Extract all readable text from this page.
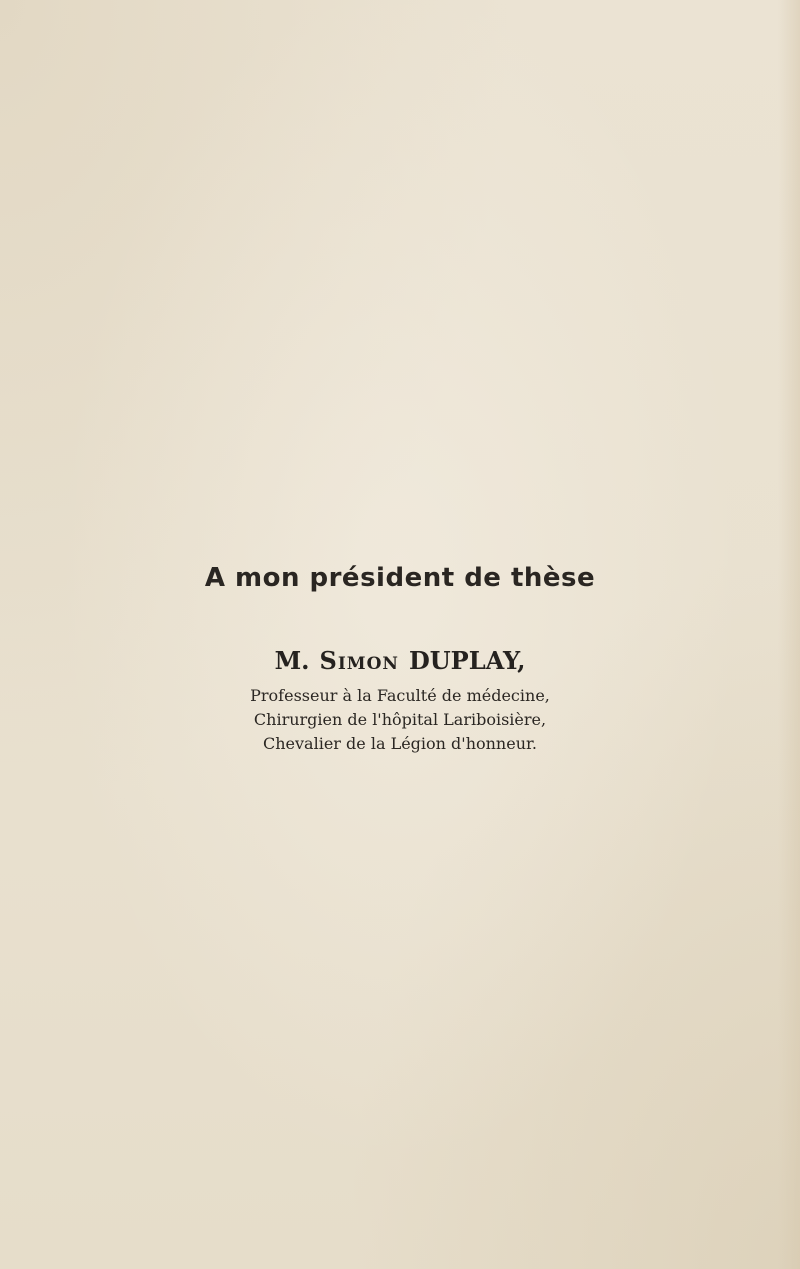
A mon président de thèse
M. Simon DUPLAY,
Professeur à la Faculté de médecine,
Chirurgien de l'hôpital Lariboisière,
Chevalier de la Légion d'honneur.
